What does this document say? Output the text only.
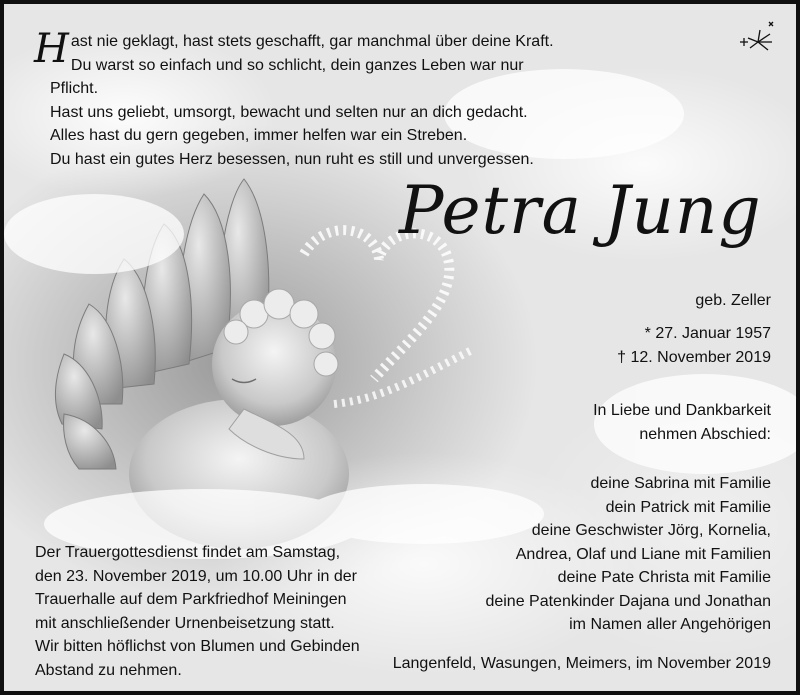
H ast nie geklagt, hast stets geschafft, gar manchmal über deine Kraft.
Du warst so einfach und so schlicht, dein ganzes Leben war nur Pflicht.
Hast uns geliebt, umsorgt, bewacht und selten nur an dich gedacht.
Alles hast du gern gegeben, immer helfen war ein Streben.
Du hast ein gutes Herz besessen, nun ruht es still und unvergessen.
Petra Jung
geb. Zeller
* 27. Januar 1957
† 12. November 2019
In Liebe und Dankbarkeit
nehmen Abschied:
deine Sabrina mit Familie
dein Patrick mit Familie
deine Geschwister Jörg, Kornelia,
Andrea, Olaf und Liane mit Familien
deine Pate Christa mit Familie
deine Patenkinder Dajana und Jonathan
im Namen aller Angehörigen
Langenfeld, Wasungen, Meimers, im November 2019
Der Trauergottesdienst findet am Samstag,
den 23. November 2019, um 10.00 Uhr in der
Trauerhalle auf dem Parkfriedhof Meiningen
mit anschließender Urnenbeisetzung statt.
Wir bitten höflichst von Blumen und Gebinden
Abstand zu nehmen.
